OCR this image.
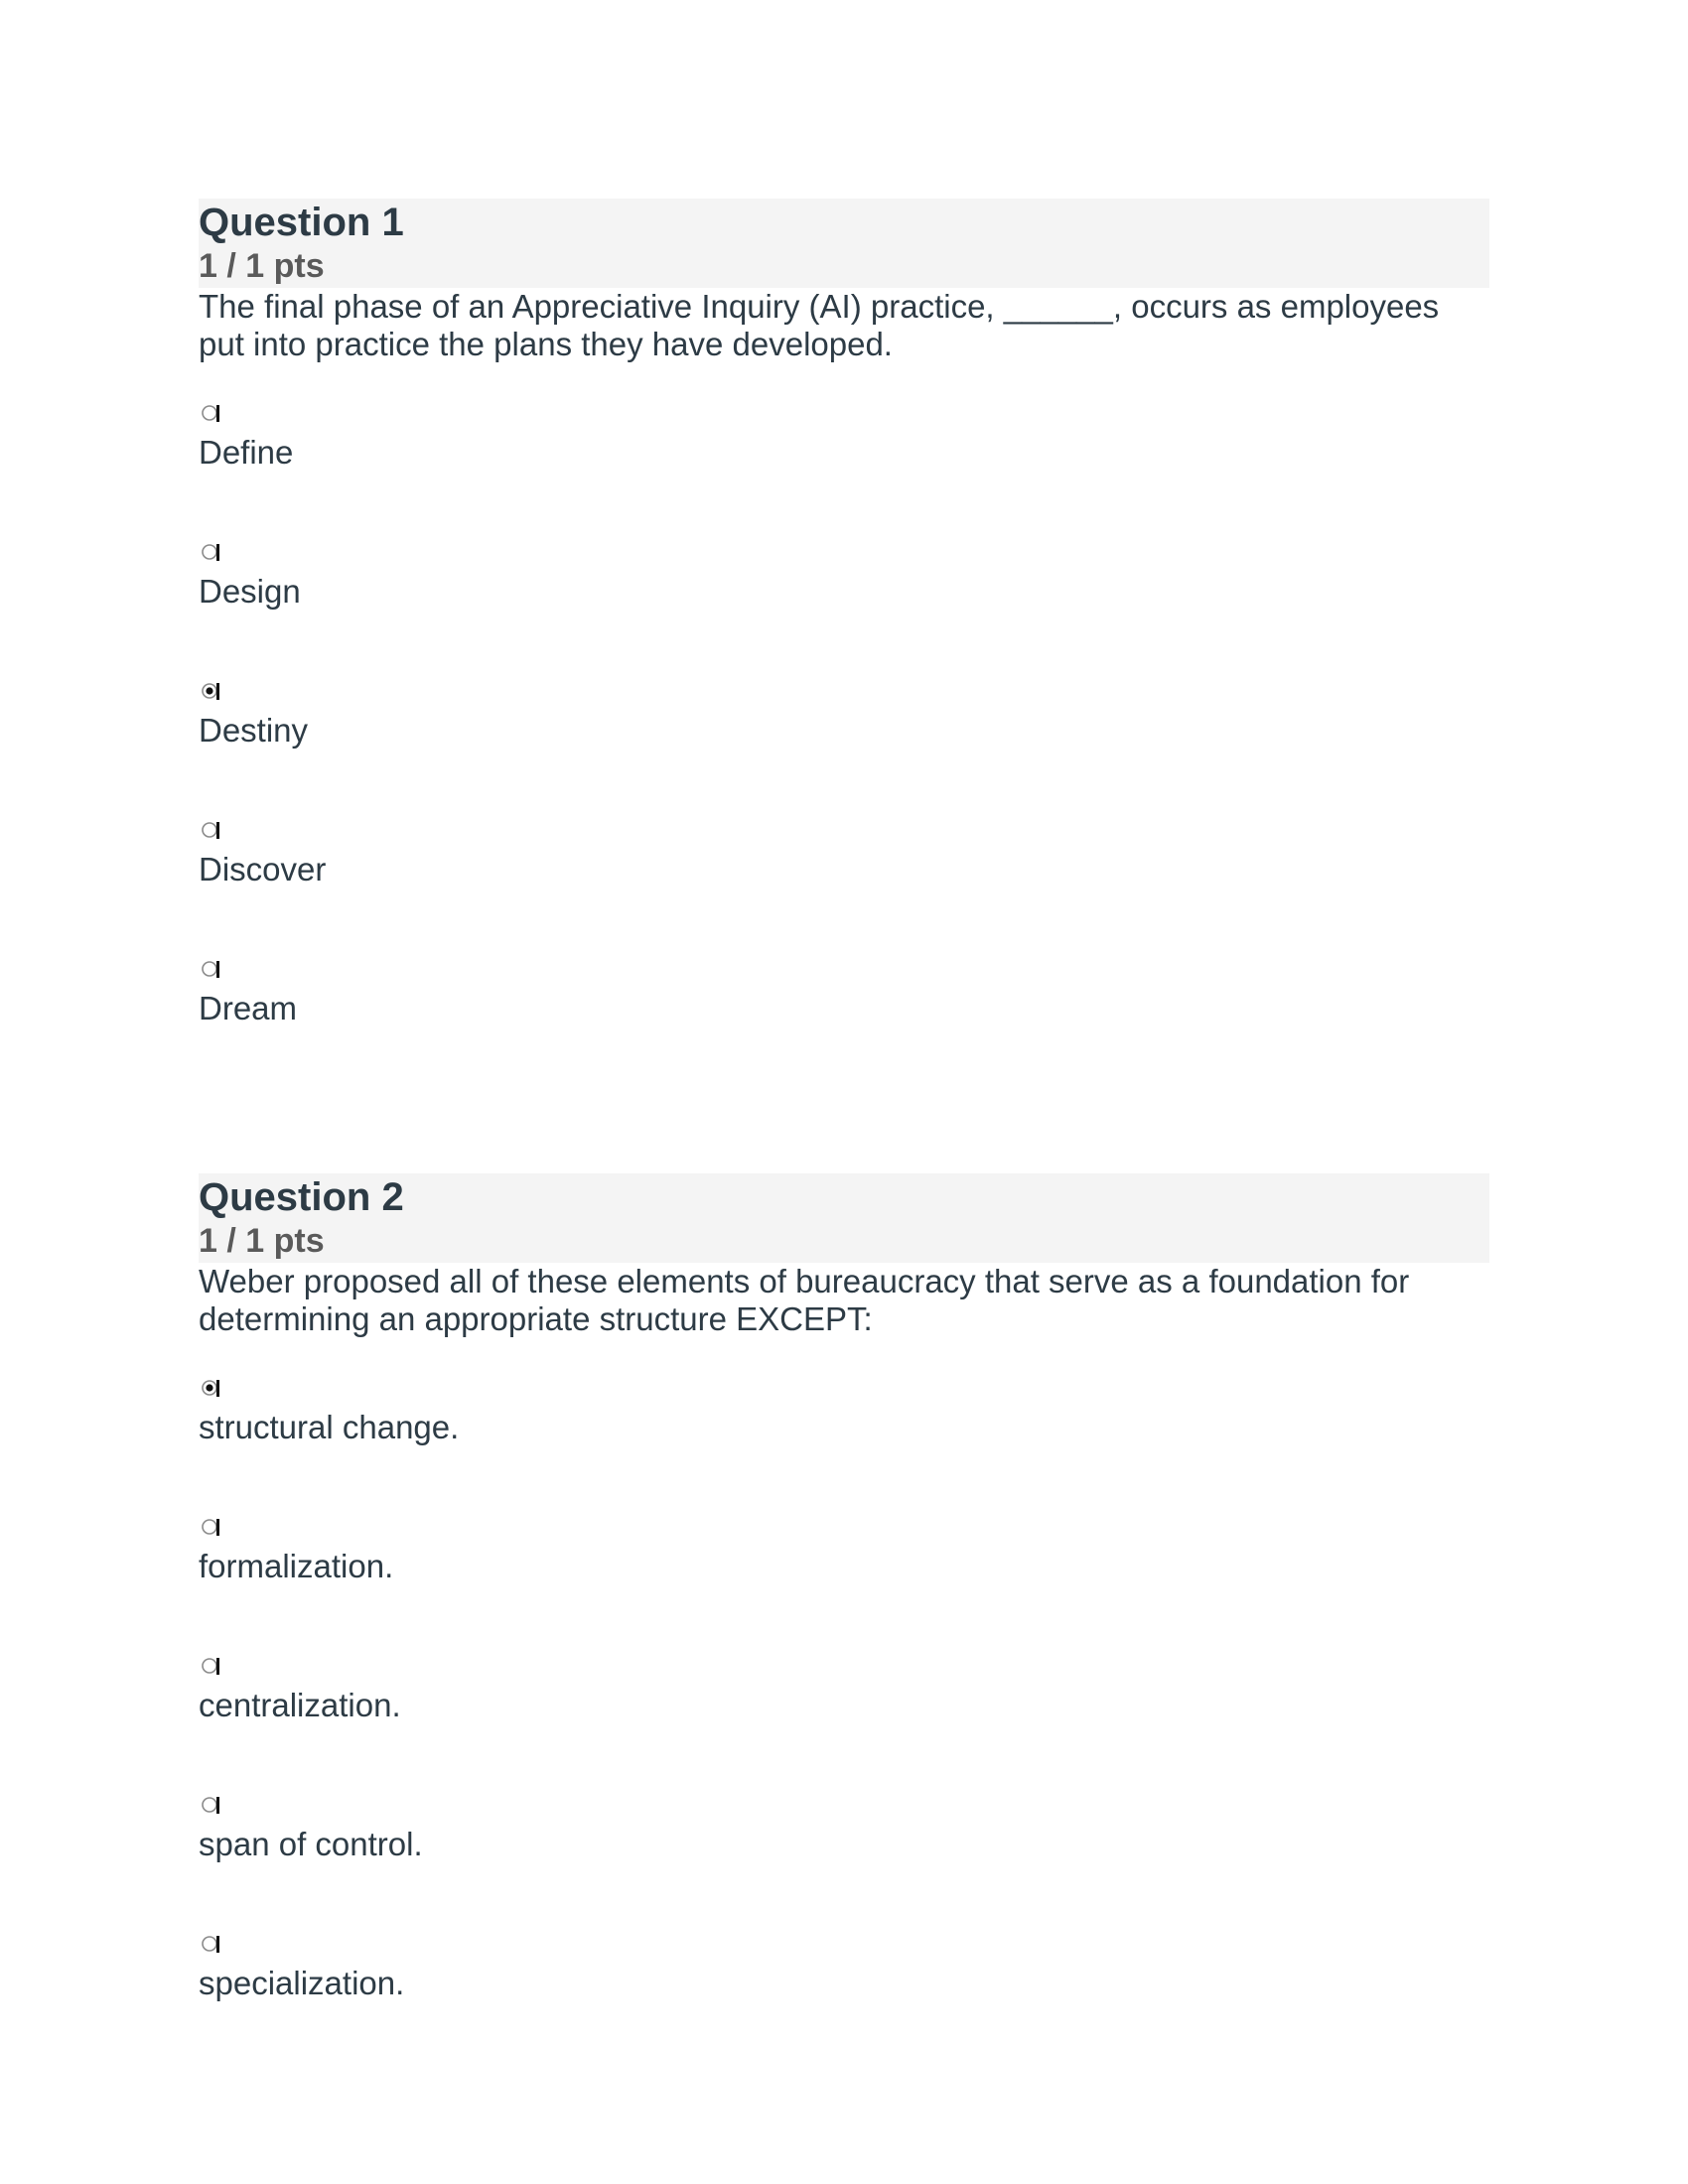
Question 1
1 / 1 pts
The final phase of an Appreciative Inquiry (AI) practice, ______, occurs as employees put into practice the plans they have developed.
Define
Design
Destiny
Discover
Dream
Question 2
1 / 1 pts
Weber proposed all of these elements of bureaucracy that serve as a foundation for determining an appropriate structure EXCEPT:
structural change.
formalization.
centralization.
span of control.
specialization.
